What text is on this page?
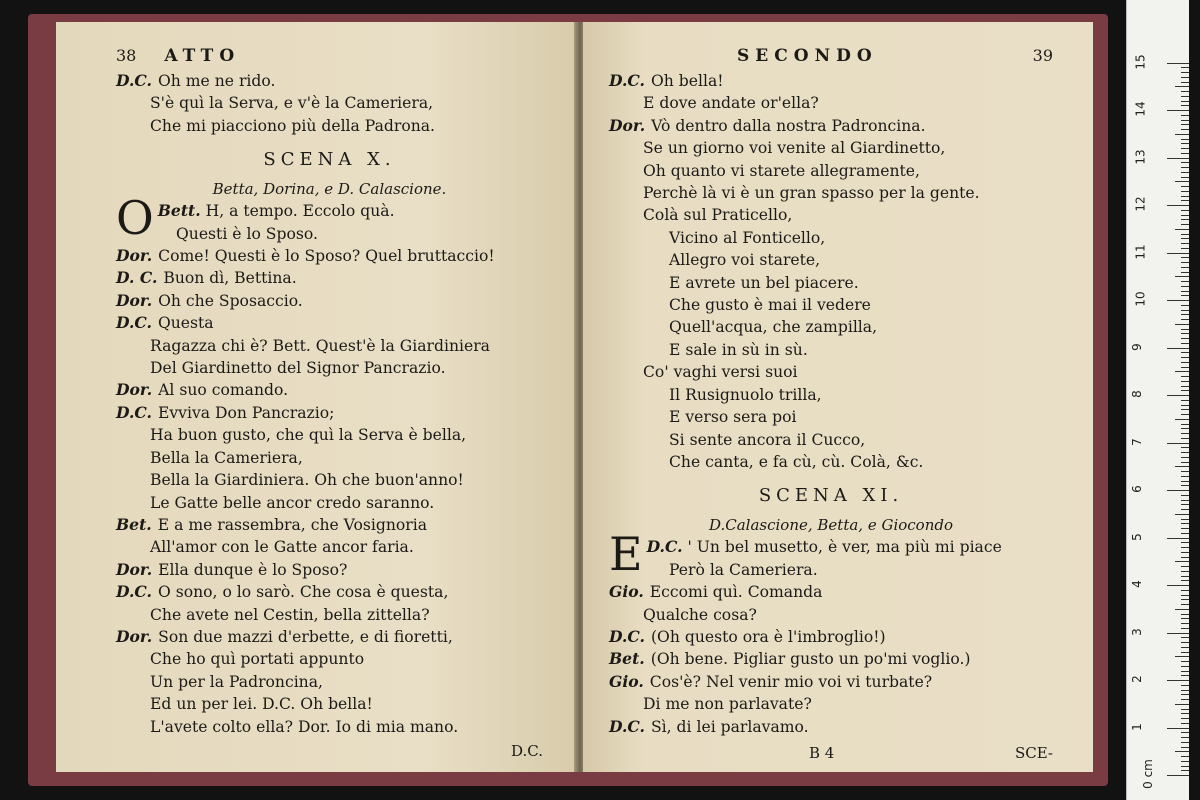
38 ATTO
D.C. Oh me ne rido.
S'è quì la Serva, e v'è la Cameriera,
Che mi piacciono più della Padrona.
SCENA X.
Betta, Dorina, e D. Calascione.
Bett.
O	H, a tempo. Eccolo quà.
Questi è lo Sposo.
Dor. Come! Questi è lo Sposo? Quel bruttaccio!
D. C. Buon dì, Bettina.
Dor. Oh che Sposaccio.
D.C. Questa
Ragazza chi è? Bett. Quest'è la Giardiniera
Del Giardinetto del Signor Pancrazio.
Dor. Al suo comando.
D.C. Evviva Don Pancrazio;
Ha buon gusto, che quì la Serva è bella,
Bella la Cameriera,
Bella la Giardiniera. Oh che buon'anno!
Le Gatte belle ancor credo saranno.
Bet. E a me rassembra, che Vosignoria
All'amor con le Gatte ancor faria.
Dor. Ella dunque è lo Sposo?
D.C. O sono, o lo sarò. Che cosa è questa,
Che avete nel Cestin, bella zittella?
Dor. Son due mazzi d'erbette, e di fioretti,
Che ho quì portati appunto
Un per la Padroncina,
Ed un per lei. D.C. Oh bella!
L'avete colto ella? Dor. Io di mia mano.
D.C.
SECONDO	39
D.C. Oh bella!
E dove andate or'ella?
Dor. Vò dentro dalla nostra Padroncina.
Se un giorno voi venite al Giardinetto,
Oh quanto vi starete allegramente,
Perchè là vi è un gran spasso per la gente.
Colà sul Praticello,
Vicino al Fonticello,
Allegro voi starete,
E avrete un bel piacere.
Che gusto è mai il vedere
Quell'acqua, che zampilla,
E sale in sù in sù.
Co' vaghi versi suoi
Il Rusignuolo trilla,
E verso sera poi
Si sente ancora il Cucco,
Che canta, e fa cù, cù. Colà, &c.
SCENA XI.
D.Calascione, Betta, e Giocondo
D.C.
E	' Un bel musetto, è ver, ma più mi piace
Però la Cameriera.
Gio. Eccomi quì. Comanda
Qualche cosa?
D.C. (Oh questo ora è l'imbroglio!)
Bet. (Oh bene. Pigliar gusto un po'mi voglio.)
Gio. Cos'è? Nel venir mio voi vi turbate?
Di me non parlavate?
D.C. Sì, di lei parlavamo.
B 4	SCE-
0 cm
1
2
3
4
5
6
7
8
9
10
11
12
13
14
15
